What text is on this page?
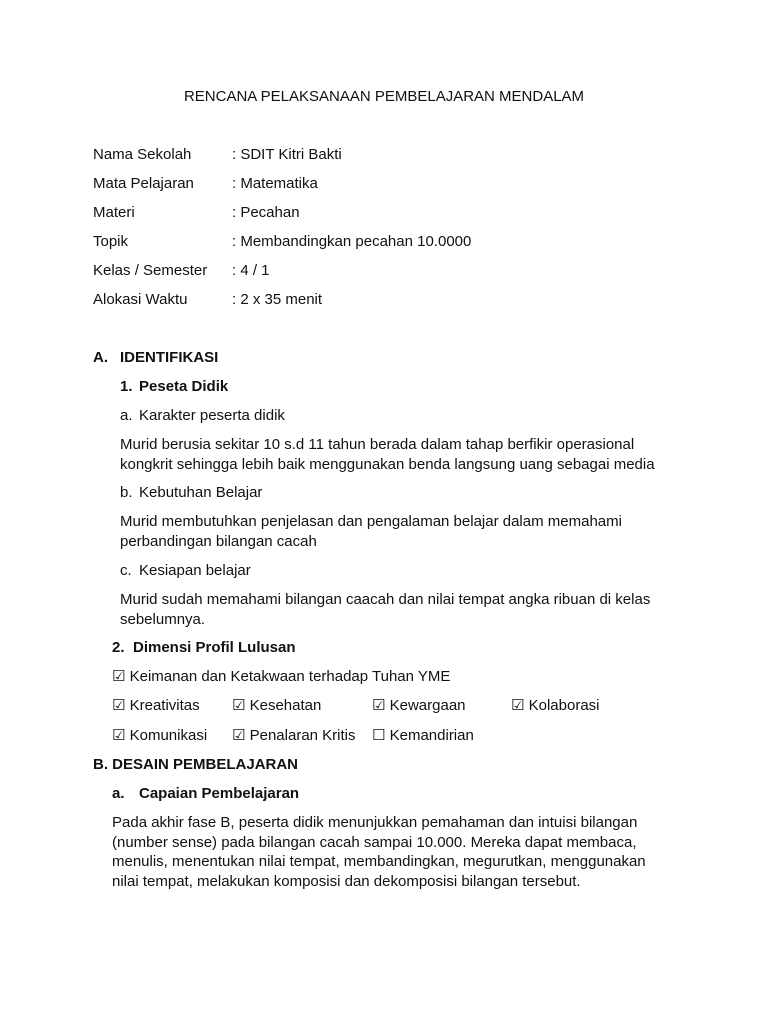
RENCANA PELAKSANAAN PEMBELAJARAN MENDALAM
Nama Sekolah	: SDIT Kitri Bakti
Mata Pelajaran	: Matematika
Materi	: Pecahan
Topik	: Membandingkan pecahan 10.0000
Kelas / Semester : 4 / 1
Alokasi Waktu	: 2 x 35 menit
A. IDENTIFIKASI
1. Peseta Didik
a. Karakter peserta didik
Murid berusia sekitar 10 s.d 11 tahun berada dalam tahap berfikir operasional
kongkrit sehingga lebih baik menggunakan benda langsung uang sebagai media
b. Kebutuhan Belajar
Murid membutuhkan penjelasan dan pengalaman belajar dalam memahami
perbandingan bilangan cacah
c. Kesiapan belajar
Murid sudah memahami bilangan caacah dan nilai tempat angka ribuan di kelas
sebelumnya.
2. Dimensi Profil Lulusan
☑ Keimanan dan Ketakwaan terhadap Tuhan YME
☑ Kreativitas ☑ Kesehatan	☑ Kewargaan	☑ Kolaborasi
☑ Komunikasi ☑ Penalaran Kritis ☐ Kemandirian
B. DESAIN PEMBELAJARAN
a. Capaian Pembelajaran
Pada akhir fase B, peserta didik menunjukkan pemahaman dan intuisi bilangan
(number sense) pada bilangan cacah sampai 10.000. Mereka dapat membaca,
menulis, menentukan nilai tempat, membandingkan, megurutkan, menggunakan
nilai tempat, melakukan komposisi dan dekomposisi bilangan tersebut.
